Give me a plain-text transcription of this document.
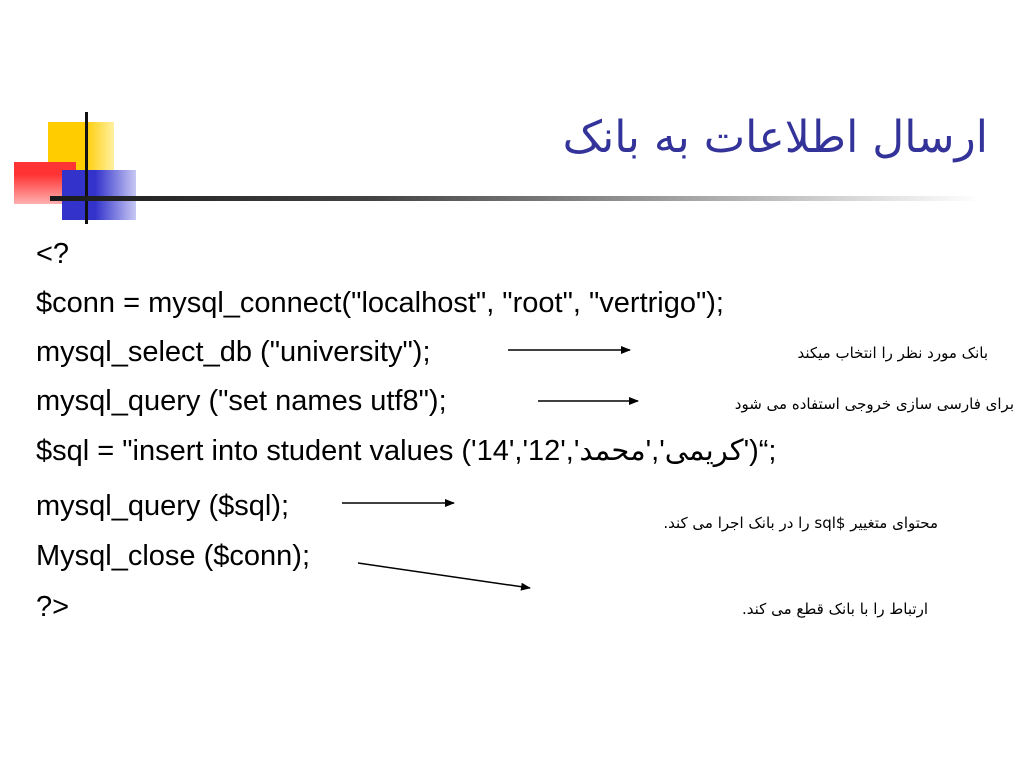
ارسال اطلاعات به بانک
<?
$conn = mysql_connect("localhost", "root", "vertrigo");
mysql_select_db ("university");
mysql_query ("set names utf8");
$sql = "insert into student values ('14','12','كريمى','محمد')“;
mysql_query ($sql);
Mysql_close ($conn);
?>
بانک مورد نظر را انتخاب میکند
برای فارسی سازی خروجی استفاده می شود
محتوای متغییر $sql را در بانک اجرا می کند.
ارتباط را با بانک قطع می کند.
